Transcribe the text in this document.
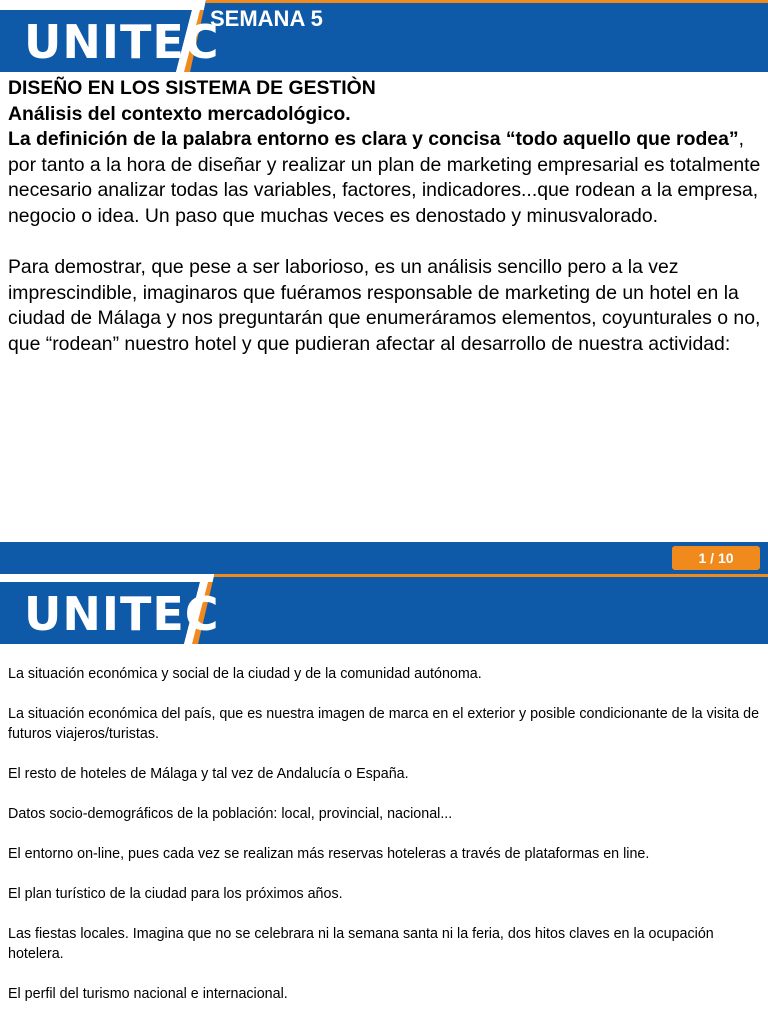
UNITEC
SEMANA 5

DISEÑO EN LOS SISTEMA DE GESTIÒN

Análisis del contexto mercadológico.

La definición de la palabra entorno es clara y concisa “todo aquello que rodea”, por tanto a la hora de diseñar y realizar un plan de marketing empresarial es totalmente necesario analizar todas las variables, factores, indicadores...que rodean a la empresa, negocio o idea. Un paso que muchas veces es denostado y minusvalorado.

Para demostrar, que pese a ser laborioso, es un análisis sencillo pero a la vez imprescindible, imaginaros que fuéramos responsable de marketing de un hotel en la ciudad de Málaga y nos preguntarán que enumeráramos elementos, coyunturales o no, que “rodean” nuestro hotel y que pudieran afectar al desarrollo de nuestra actividad:

1 / 10
UNITEC

La situación económica y social de la ciudad y de la comunidad autónoma.

La situación económica del país, que es nuestra imagen de marca en el exterior y posible condicionante de la visita de futuros viajeros/turistas.

El resto de hoteles de Málaga y tal vez de Andalucía o España.

Datos socio-demográficos de la población: local, provincial, nacional...

El entorno on-line, pues cada vez se realizan más reservas hoteleras a través de plataformas en line.

El plan turístico de la ciudad para los próximos años.

Las fiestas locales. Imagina que no se celebrara ni la semana santa ni la feria, dos hitos claves en la ocupación hotelera.

El perfil del turismo nacional e internacional.
